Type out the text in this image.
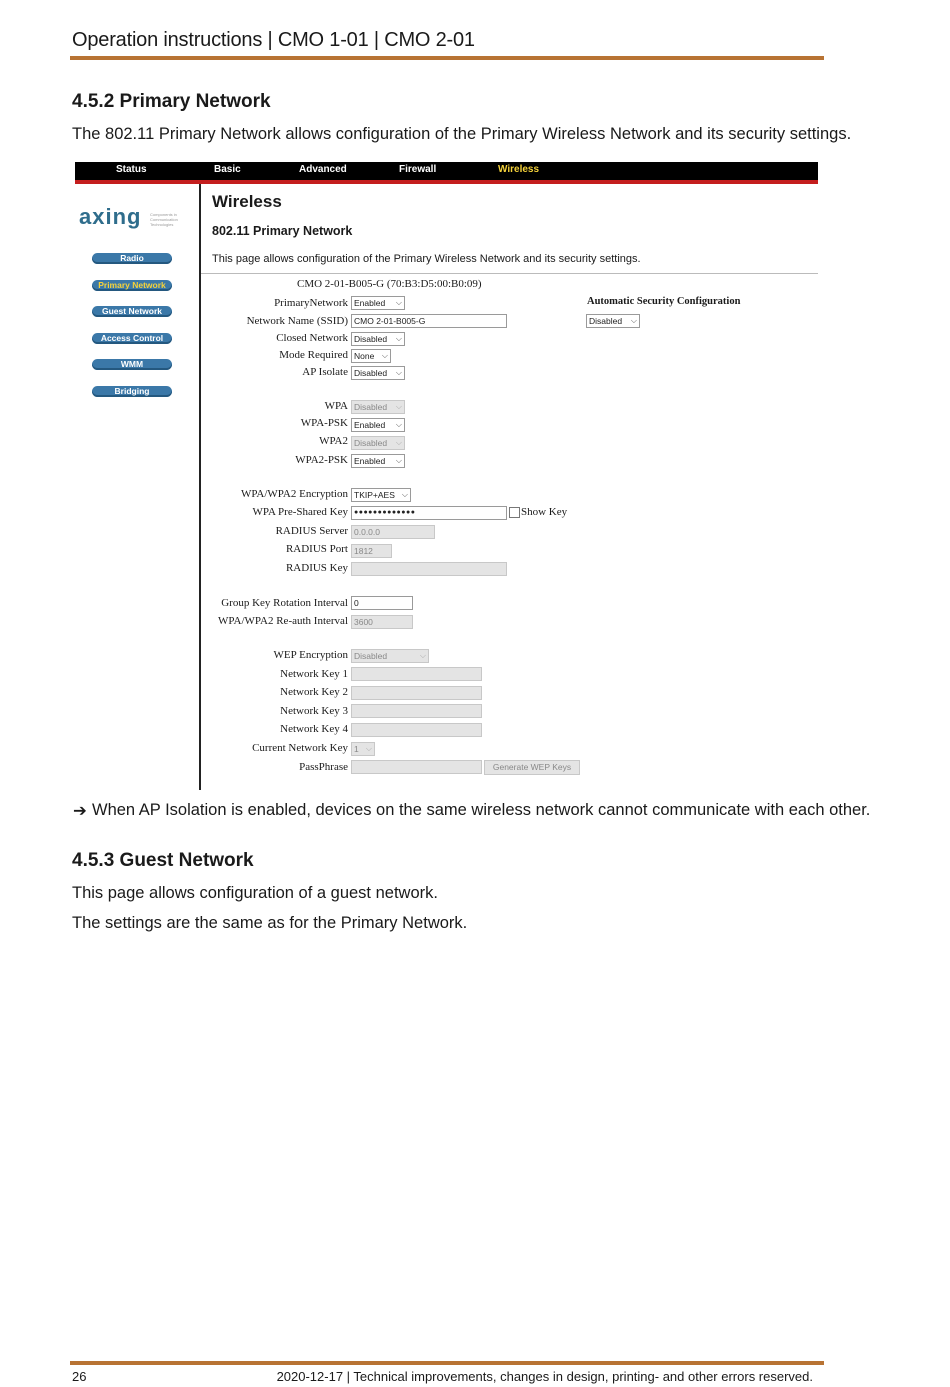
Operation instructions | CMO 1-01 | CMO 2-01
4.5.2 Primary Network
The 802.11 Primary Network allows configuration of the Primary Wireless Network and its security settings.
Status	Basic	Advanced	Firewall	Wireless
axing Components in Communication Technologies
Radio
Primary Network
Guest Network
Access Control
WMM
Bridging
Wireless
802.11 Primary Network
This page allows configuration of the Primary Wireless Network and its security settings.
CMO 2-01-B005-G (70:B3:D5:00:B0:09)
Automatic Security Configuration
Disabled ⌵
PrimaryNetwork Enabled ⌵
Network Name (SSID) CMO 2-01-B005-G
Closed Network Disabled ⌵
Mode Required None ⌵
AP Isolate Disabled ⌵
WPA Disabled ⌵
WPA-PSK Enabled ⌵
WPA2 Disabled ⌵
WPA2-PSK Enabled ⌵
WPA/WPA2 Encryption TKIP+AES ⌵
WPA Pre-Shared Key ●●●●●●●●●●●●●	Show Key
RADIUS Server 0.0.0.0
RADIUS Port 1812
RADIUS Key
Group Key Rotation Interval 0
WPA/WPA2 Re-auth Interval 3600
WEP Encryption Disabled	⌵
Network Key 1
Network Key 2
Network Key 3
Network Key 4
Current Network Key 1 ⌵
PassPhrase	Generate WEP Keys
➔ When AP Isolation is enabled, devices on the same wireless network cannot communicate with each other.
4.5.3 Guest Network
This page allows configuration of a guest network.
The settings are the same as for the Primary Network.
26	2020-12-17 | Technical improvements, changes in design, printing- and other errors reserved.
